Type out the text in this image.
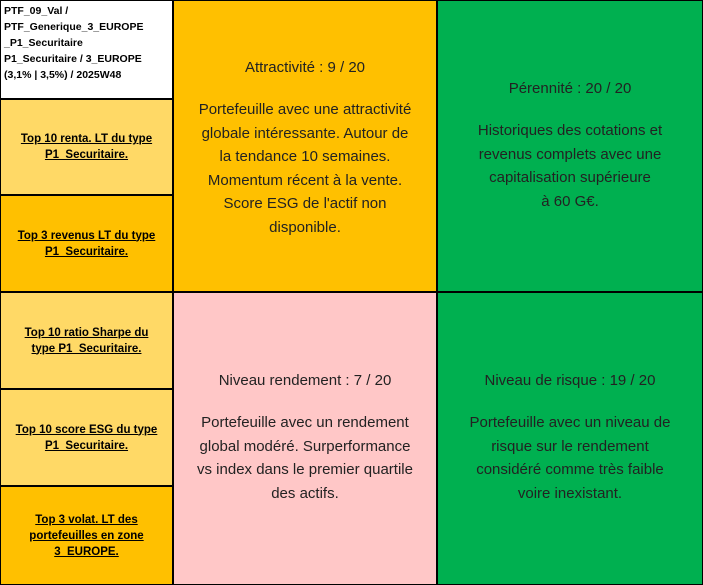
PTF_09_Val /
PTF_Generique_3_EUROPE
_P1_Securitaire
P1_Securitaire / 3_EUROPE
(3,1% | 3,5%) / 2025W48
Top 10 renta. LT du type
P1_Securitaire.
Top 3 revenus LT du type
P1_Securitaire.
Top 10 ratio Sharpe du
type P1_Securitaire.
Top 10 score ESG du type
P1_Securitaire.
Top 3 volat. LT des
portefeuilles en zone
3_EUROPE.
Attractivité : 9 / 20
Portefeuille avec une attractivité
globale intéressante. Autour de
la tendance 10 semaines.
Momentum récent à la vente.
Score ESG de l'actif non
disponible.
Pérennité : 20 / 20
Historiques des cotations et
revenus complets avec une
capitalisation supérieure
à 60 G€.
Niveau rendement : 7 / 20
Portefeuille avec un rendement
global modéré. Surperformance
vs index dans le premier quartile
des actifs.
Niveau de risque : 19 / 20
Portefeuille avec un niveau de
risque sur le rendement
considéré comme très faible
voire inexistant.
